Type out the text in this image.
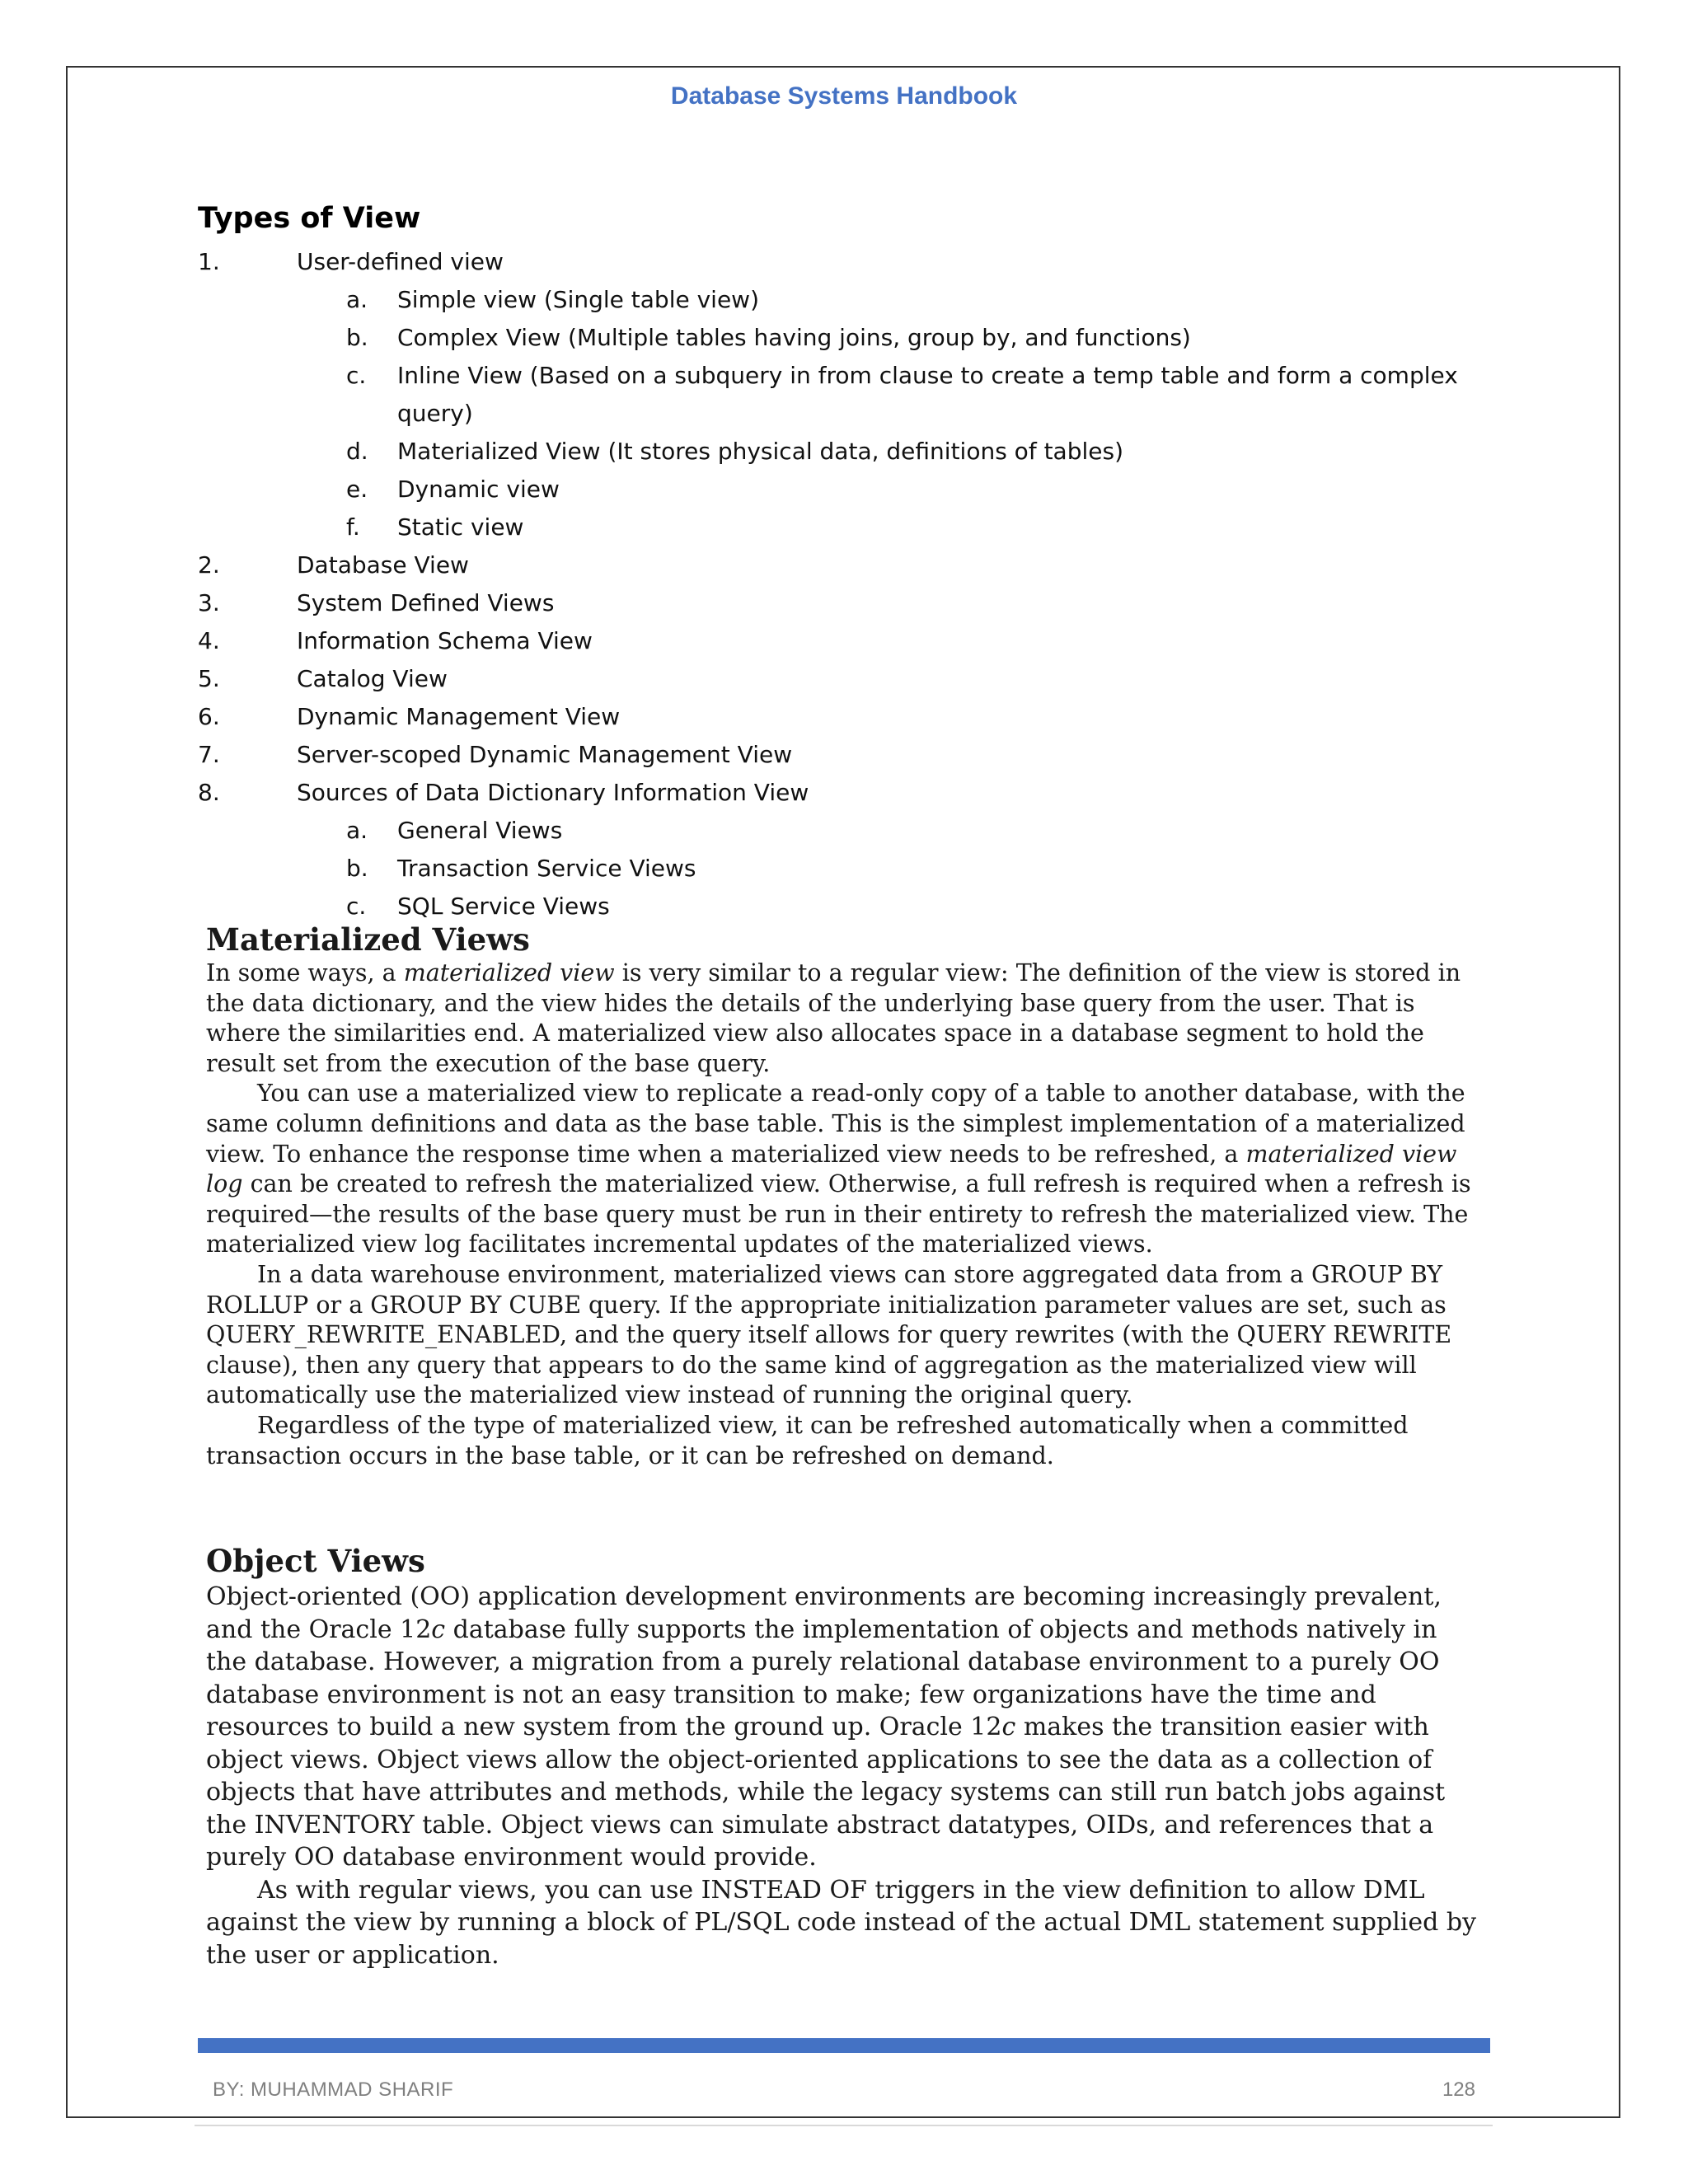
Database Systems Handbook
Types of View
1.	User-defined view
a. Simple view (Single table view)
b. Complex View (Multiple tables having joins, group by, and functions)
c. Inline View (Based on a subquery in from clause to create a temp table and form a complex query)
d. Materialized View (It stores physical data, definitions of tables)
e. Dynamic view
f. Static view
2.	Database View
3.	System Defined Views
4.	Information Schema View
5.	Catalog View
6.	Dynamic Management View
7.	Server-scoped Dynamic Management View
8.	Sources of Data Dictionary Information View
a. General Views
b. Transaction Service Views
c. SQL Service Views
Materialized Views

In some ways, a materialized view is very similar to a regular view: The definition of the view is stored in the data dictionary, and the view hides the details of the underlying base query from the user. That is where the similarities end. A materialized view also allocates space in a database segment to hold the result set from the execution of the base query.

You can use a materialized view to replicate a read-only copy of a table to another database, with the same column definitions and data as the base table. This is the simplest implementation of a materialized view. To enhance the response time when a materialized view needs to be refreshed, a materialized view log can be created to refresh the materialized view. Otherwise, a full refresh is required when a refresh is required—the results of the base query must be run in their entirety to refresh the materialized view. The materialized view log facilitates incremental updates of the materialized views.

In a data warehouse environment, materialized views can store aggregated data from a GROUP BY ROLLUP or a GROUP BY CUBE query. If the appropriate initialization parameter values are set, such as QUERY_REWRITE_ENABLED, and the query itself allows for query rewrites (with the QUERY REWRITE clause), then any query that appears to do the same kind of aggregation as the materialized view will automatically use the materialized view instead of running the original query.

Regardless of the type of materialized view, it can be refreshed automatically when a committed transaction occurs in the base table, or it can be refreshed on demand.

Object Views

Object-oriented (OO) application development environments are becoming increasingly prevalent, and the Oracle 12c database fully supports the implementation of objects and methods natively in the database. However, a migration from a purely relational database environment to a purely OO database environment is not an easy transition to make; few organizations have the time and resources to build a new system from the ground up. Oracle 12c makes the transition easier with object views. Object views allow the object-oriented applications to see the data as a collection of objects that have attributes and methods, while the legacy systems can still run batch jobs against the INVENTORY table. Object views can simulate abstract datatypes, OIDs, and references that a purely OO database environment would provide.

As with regular views, you can use INSTEAD OF triggers in the view definition to allow DML against the view by running a block of PL/SQL code instead of the actual DML statement supplied by the user or application.

BY: MUHAMMAD SHARIF	128
